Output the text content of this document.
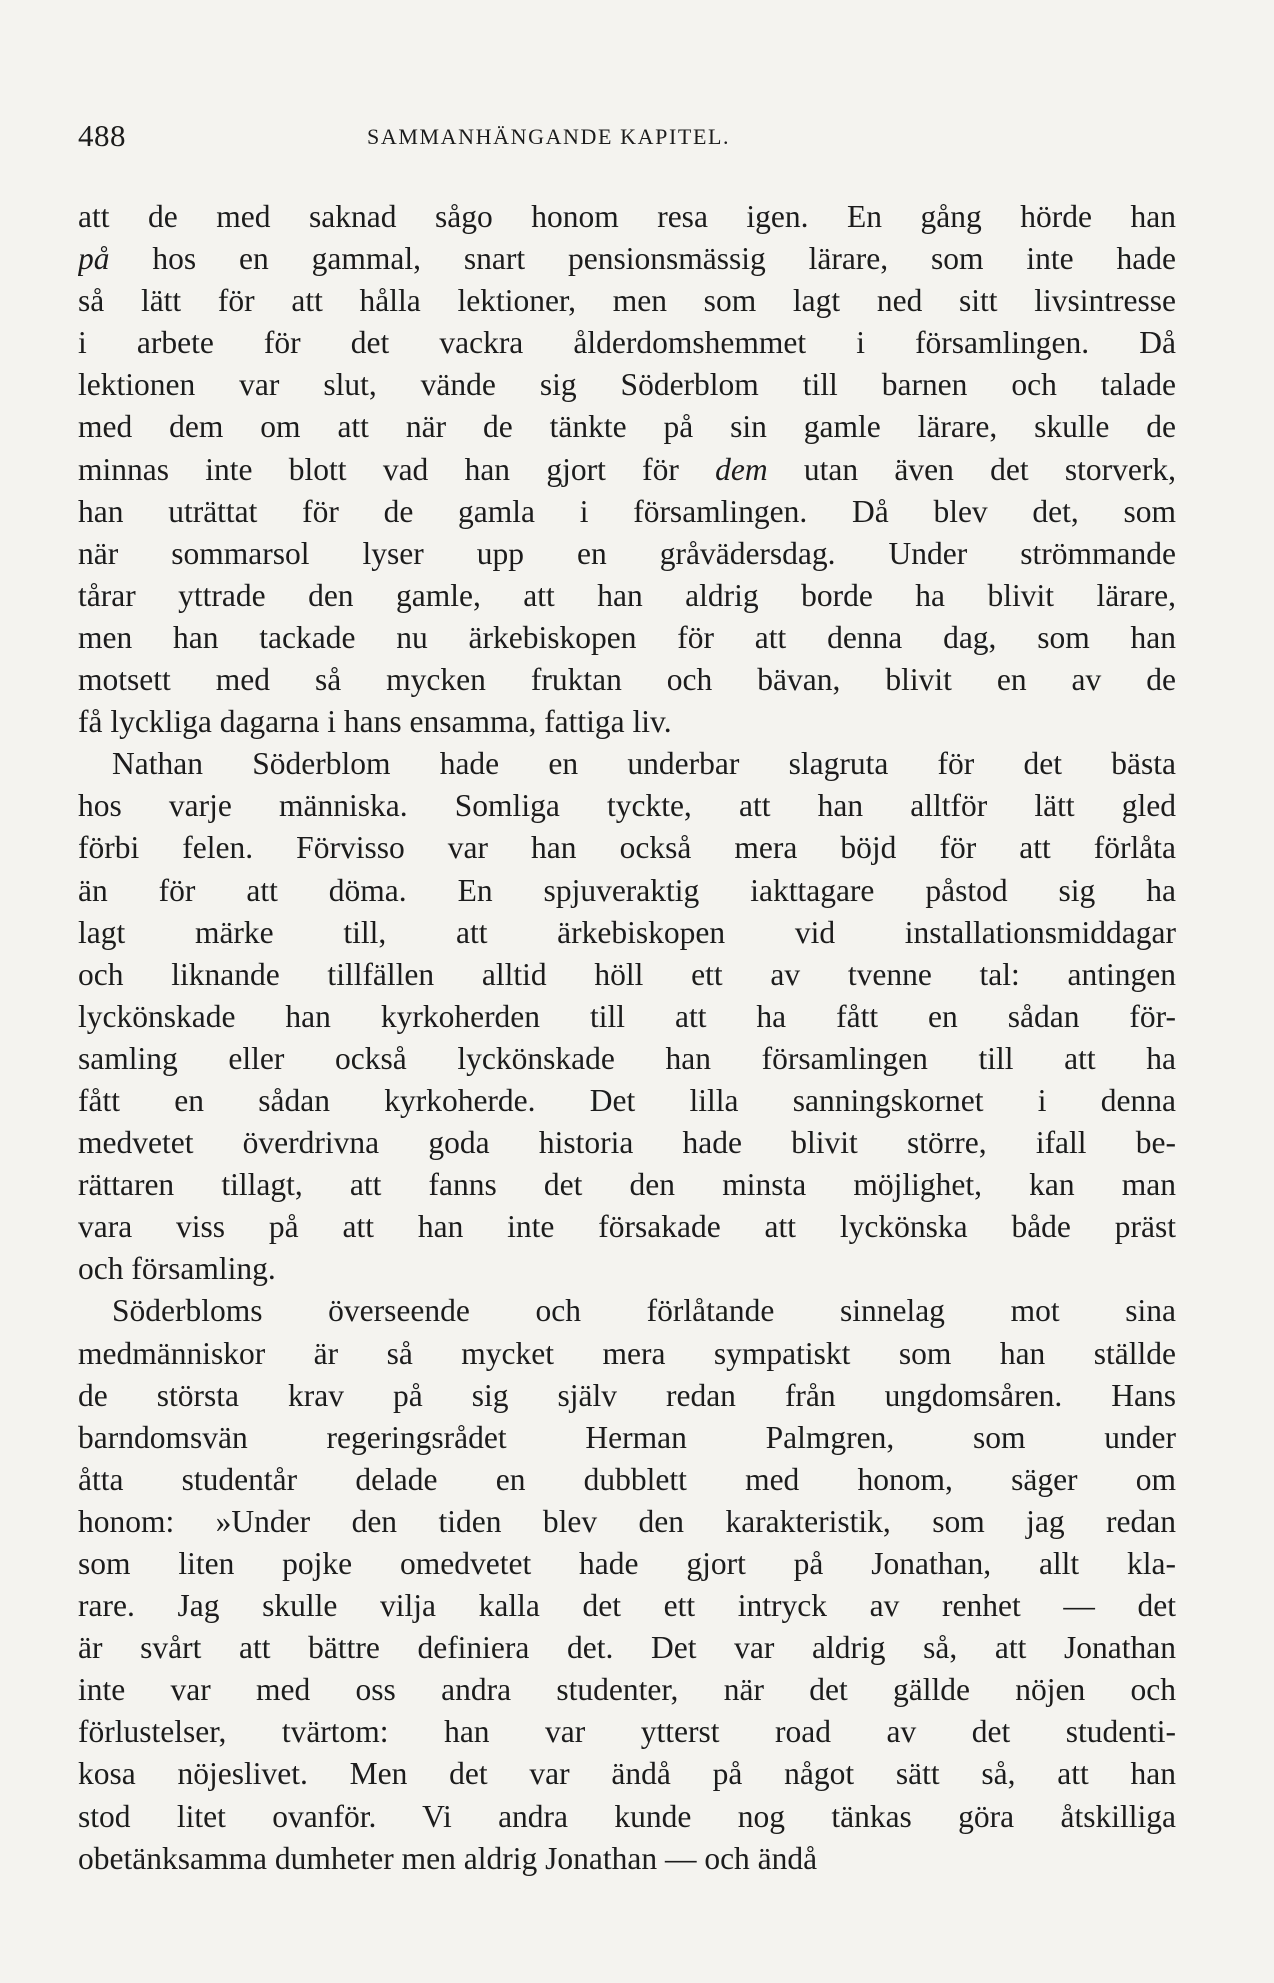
488	SAMMANHÄNGANDE KAPITEL.
att de med saknad sågo honom resa igen. En gång hörde han
på hos en gammal, snart pensionsmässig lärare, som inte hade
så lätt för att hålla lektioner, men som lagt ned sitt livsintresse
i arbete för det vackra ålderdomshemmet i församlingen. Då
lektionen var slut, vände sig Söderblom till barnen och talade
med dem om att när de tänkte på sin gamle lärare, skulle de
minnas inte blott vad han gjort för dem utan även det storverk,
han uträttat för de gamla i församlingen. Då blev det, som
när sommarsol lyser upp en gråvädersdag. Under strömmande
tårar yttrade den gamle, att han aldrig borde ha blivit lärare,
men han tackade nu ärkebiskopen för att denna dag, som han
motsett med så mycken fruktan och bävan, blivit en av de
få lyckliga dagarna i hans ensamma, fattiga liv.
Nathan Söderblom hade en underbar slagruta för det bästa
hos varje människa. Somliga tyckte, att han alltför lätt gled
förbi felen. Förvisso var han också mera böjd för att förlåta
än för att döma. En spjuveraktig iakttagare påstod sig ha
lagt märke till, att ärkebiskopen vid installationsmiddagar
och liknande tillfällen alltid höll ett av tvenne tal: antingen
lyckönskade han kyrkoherden till att ha fått en sådan för-
samling eller också lyckönskade han församlingen till att ha
fått en sådan kyrkoherde. Det lilla sanningskornet i denna
medvetet överdrivna goda historia hade blivit större, ifall be-
rättaren tillagt, att fanns det den minsta möjlighet, kan man
vara viss på att han inte försakade att lyckönska både präst
och församling.
Söderbloms överseende och förlåtande sinnelag mot sina
medmänniskor är så mycket mera sympatiskt som han ställde
de största krav på sig själv redan från ungdomsåren. Hans
barndomsvän regeringsrådet Herman Palmgren, som under
åtta studentår delade en dubblett med honom, säger om
honom: »Under den tiden blev den karakteristik, som jag redan
som liten pojke omedvetet hade gjort på Jonathan, allt kla-
rare. Jag skulle vilja kalla det ett intryck av renhet — det
är svårt att bättre definiera det. Det var aldrig så, att Jonathan
inte var med oss andra studenter, när det gällde nöjen och
förlustelser, tvärtom: han var ytterst road av det studenti-
kosa nöjeslivet. Men det var ändå på något sätt så, att han
stod litet ovanför. Vi andra kunde nog tänkas göra åtskilliga
obetänksamma dumheter men aldrig Jonathan — och ändå
